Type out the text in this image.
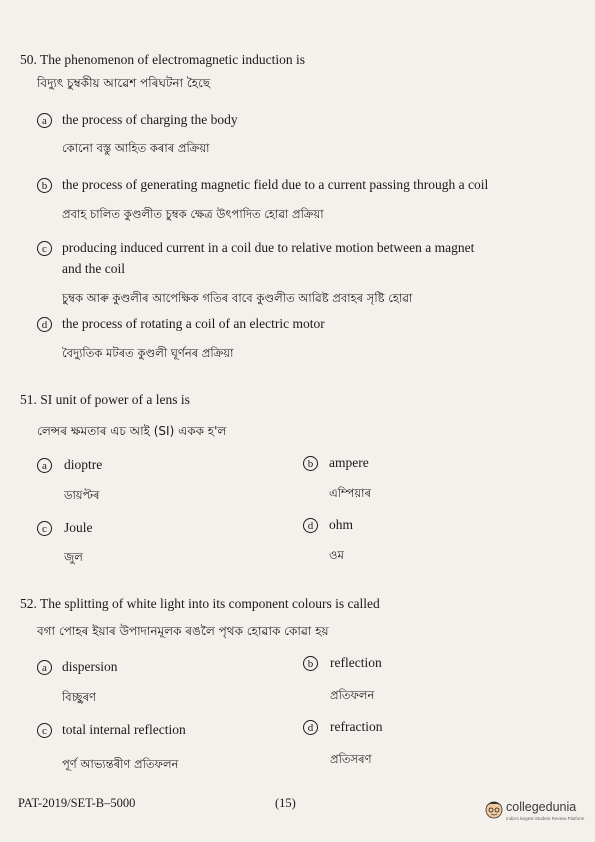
50. The phenomenon of electromagnetic induction is
বিদ্যুৎ চুম্বকীয় আৱেশ পৰিঘটনা হৈছে
a	the process of charging the body
কোনো বস্তু আহিত কৰাৰ প্ৰক্ৰিয়া
b	the process of generating magnetic field due to a current passing through a coil
প্ৰবাহ চালিত কুণ্ডলীত চুম্বক ক্ষেত্ৰ উৎপাদিত হোৱা প্ৰক্ৰিয়া
c	producing induced current in a coil due to relative motion between a magnet
and the coil
চুম্বক আৰু কুণ্ডলীৰ আপেক্ষিক গতিৰ বাবে কুণ্ডলীত আৱিষ্ট প্ৰবাহৰ সৃষ্টি হোৱা
d	the process of rotating a coil of an electric motor
বৈদ্যুতিক মটৰত কুণ্ডলী ঘূৰ্ণনৰ প্ৰক্ৰিয়া
51. SI unit of power of a lens is
লেন্সৰ ক্ষমতাৰ এচ আই (SI) একক হ'ল
a	dioptre
ডায়প্টৰ
b	ampere
এম্পিয়াৰ
c	Joule
জুল
d	ohm
ওম
52. The splitting of white light into its component colours is called
বগা পোহৰ ইয়াৰ উপাদানমূলক ৰঙলৈ পৃথক হোৱাক কোৱা হয়
a	dispersion
বিচ্ছুৰণ
b	reflection
প্ৰতিফলন
c	total internal reflection
পূৰ্ণ আভ্যন্তৰীণ প্ৰতিফলন
d	refraction
প্ৰতিসৰণ
PAT-2019/SET-B–5000	(15)	collegedunia
India's largest Student Review Platform
